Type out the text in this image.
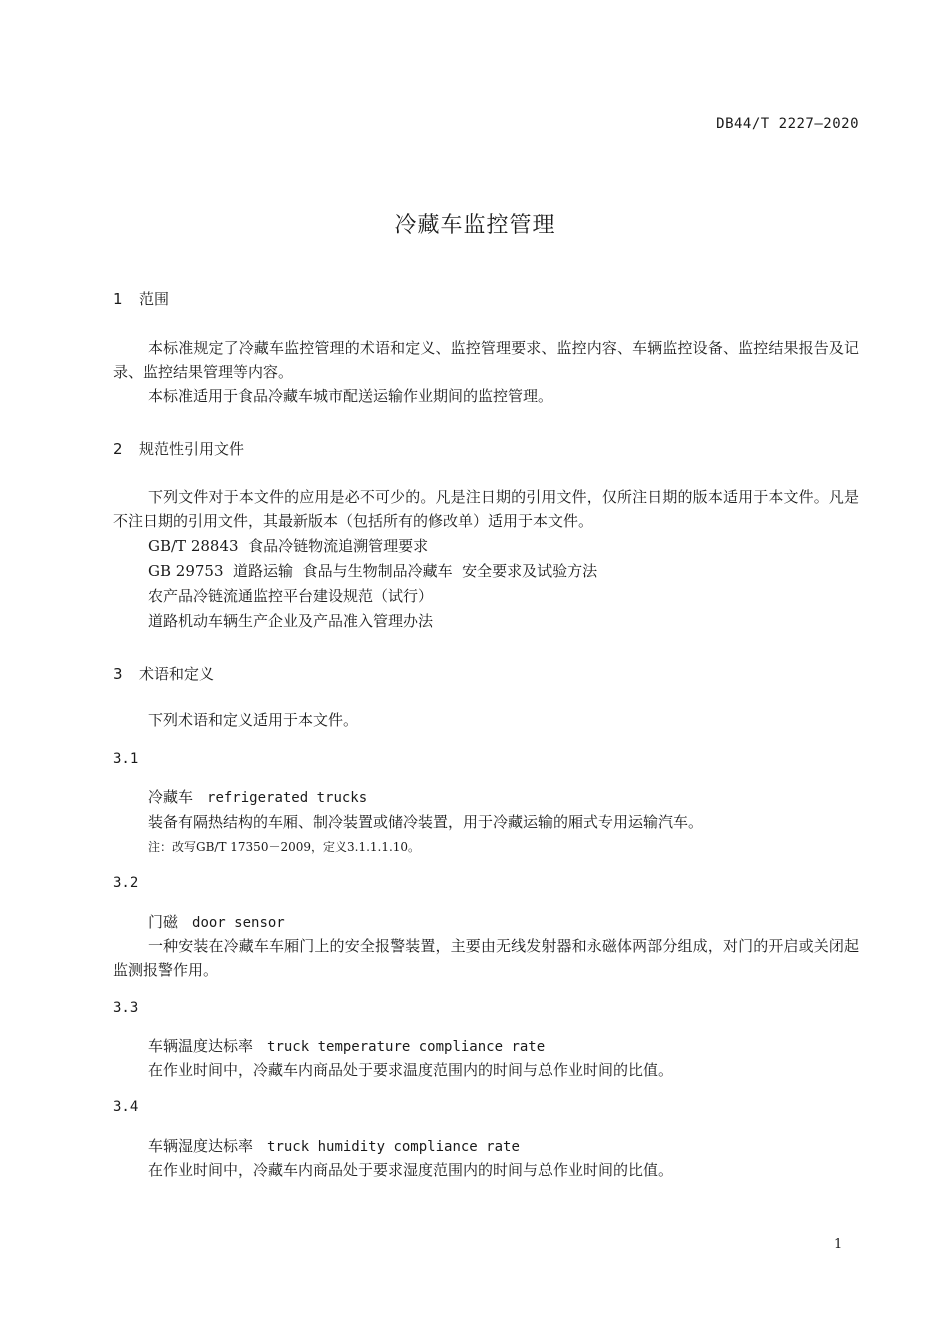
DB44/T 2227—2020
冷藏车监控管理
1 范围
本标准规定了冷藏车监控管理的术语和定义、监控管理要求、监控内容、车辆监控设备、监控结果报告及记录、监控结果管理等内容。
本标准适用于食品冷藏车城市配送运输作业期间的监控管理。
2 规范性引用文件
下列文件对于本文件的应用是必不可少的。凡是注日期的引用文件，仅所注日期的版本适用于本文件。凡是不注日期的引用文件，其最新版本（包括所有的修改单）适用于本文件。
GB/T 28843  食品冷链物流追溯管理要求
GB 29753  道路运输  食品与生物制品冷藏车  安全要求及试验方法
农产品冷链流通监控平台建设规范（试行）
道路机动车辆生产企业及产品准入管理办法
3 术语和定义
下列术语和定义适用于本文件。
3.1
冷藏车 refrigerated trucks
装备有隔热结构的车厢、制冷装置或储冷装置，用于冷藏运输的厢式专用运输汽车。
注：改写GB/T 17350－2009，定义3.1.1.1.10。
3.2
门磁 door sensor
一种安装在冷藏车车厢门上的安全报警装置，主要由无线发射器和永磁体两部分组成，对门的开启或关闭起监测报警作用。
3.3
车辆温度达标率 truck temperature compliance rate
在作业时间中，冷藏车内商品处于要求温度范围内的时间与总作业时间的比值。
3.4
车辆湿度达标率 truck humidity compliance rate
在作业时间中，冷藏车内商品处于要求湿度范围内的时间与总作业时间的比值。
1
